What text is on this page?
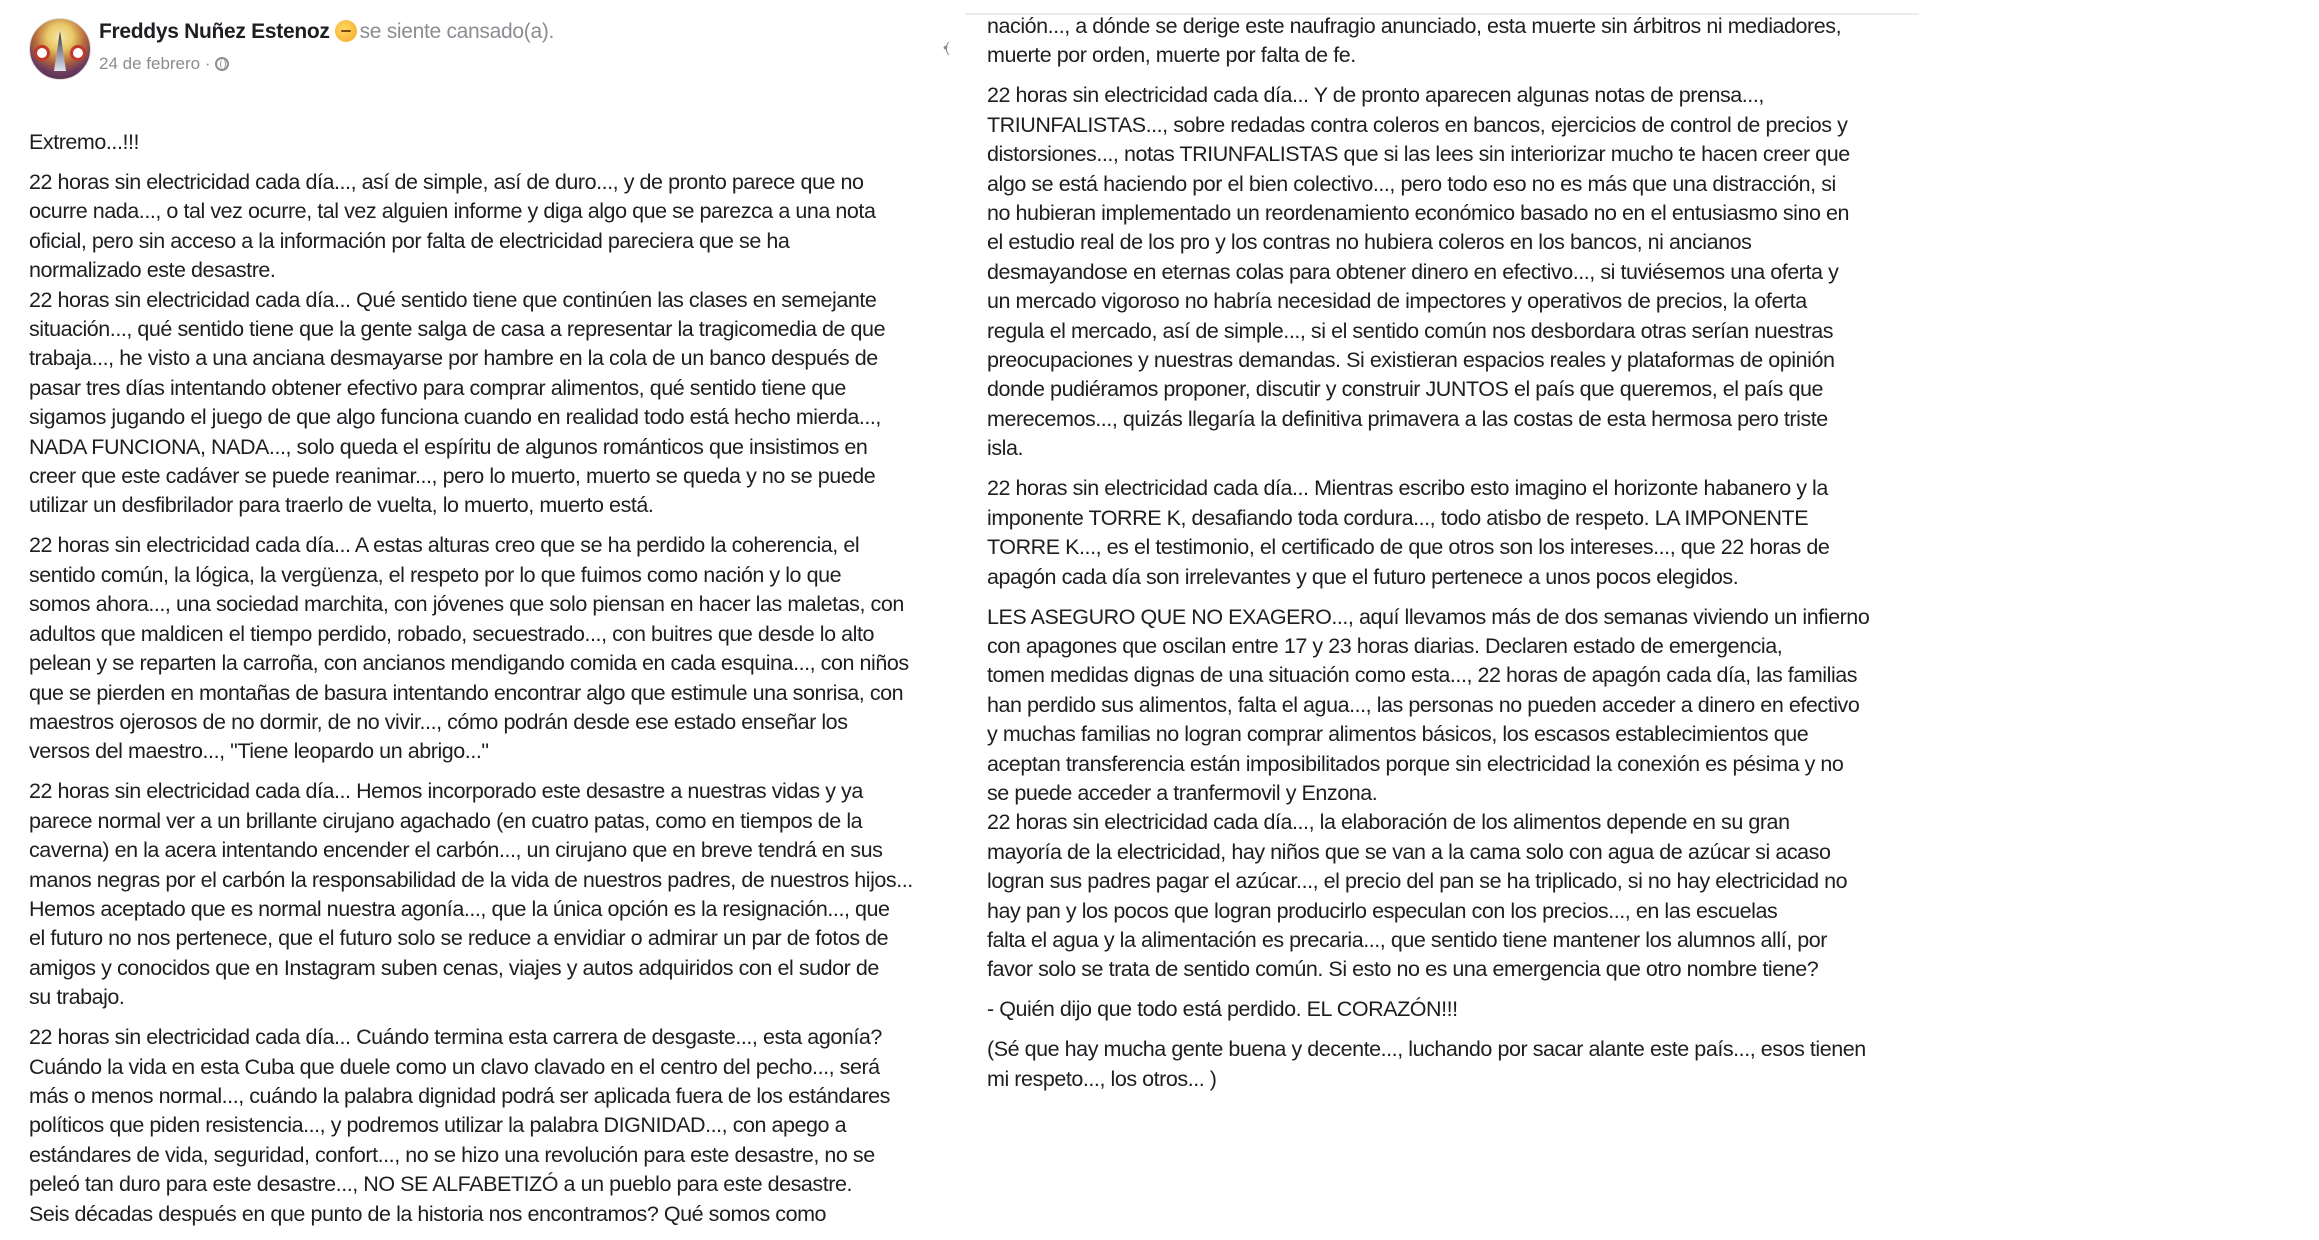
Freddys Nuñez Estenoz se siente cansado(a).
24 de febrero ·
•(
Extremo...!!!
22 horas sin electricidad cada día..., así de simple, así de duro..., y de pronto parece que no
ocurre nada..., o tal vez ocurre, tal vez alguien informe y diga algo que se parezca a una nota
oficial, pero sin acceso a la información por falta de electricidad pareciera que se ha
normalizado este desastre.
22 horas sin electricidad cada día... Qué sentido tiene que continúen las clases en semejante
situación..., qué sentido tiene que la gente salga de casa a representar la tragicomedia de que
trabaja..., he visto a una anciana desmayarse por hambre en la cola de un banco después de
pasar tres días intentando obtener efectivo para comprar alimentos, qué sentido tiene que
sigamos jugando el juego de que algo funciona cuando en realidad todo está hecho mierda...,
NADA FUNCIONA, NADA..., solo queda el espíritu de algunos románticos que insistimos en
creer que este cadáver se puede reanimar..., pero lo muerto, muerto se queda y no se puede
utilizar un desfibrilador para traerlo de vuelta, lo muerto, muerto está.
22 horas sin electricidad cada día... A estas alturas creo que se ha perdido la coherencia, el
sentido común, la lógica, la vergüenza, el respeto por lo que fuimos como nación y lo que
somos ahora..., una sociedad marchita, con jóvenes que solo piensan en hacer las maletas, con
adultos que maldicen el tiempo perdido, robado, secuestrado..., con buitres que desde lo alto
pelean y se reparten la carroña, con ancianos mendigando comida en cada esquina..., con niños
que se pierden en montañas de basura intentando encontrar algo que estimule una sonrisa, con
maestros ojerosos de no dormir, de no vivir..., cómo podrán desde ese estado enseñar los
versos del maestro..., "Tiene leopardo un abrigo..."
22 horas sin electricidad cada día... Hemos incorporado este desastre a nuestras vidas y ya
parece normal ver a un brillante cirujano agachado (en cuatro patas, como en tiempos de la
caverna) en la acera intentando encender el carbón..., un cirujano que en breve tendrá en sus
manos negras por el carbón la responsabilidad de la vida de nuestros padres, de nuestros hijos...
Hemos aceptado que es normal nuestra agonía..., que la única opción es la resignación..., que
el futuro no nos pertenece, que el futuro solo se reduce a envidiar o admirar un par de fotos de
amigos y conocidos que en Instagram suben cenas, viajes y autos adquiridos con el sudor de
su trabajo.
22 horas sin electricidad cada día... Cuándo termina esta carrera de desgaste..., esta agonía?
Cuándo la vida en esta Cuba que duele como un clavo clavado en el centro del pecho..., será
más o menos normal..., cuándo la palabra dignidad podrá ser aplicada fuera de los estándares
políticos que piden resistencia..., y podremos utilizar la palabra DIGNIDAD..., con apego a
estándares de vida, seguridad, confort..., no se hizo una revolución para este desastre, no se
peleó tan duro para este desastre..., NO SE ALFABETIZÓ a un pueblo para este desastre.
Seis décadas después en que punto de la historia nos encontramos? Qué somos como
nación..., a dónde se derige este naufragio anunciado, esta muerte sin árbitros ni mediadores,
muerte por orden, muerte por falta de fe.
22 horas sin electricidad cada día... Y de pronto aparecen algunas notas de prensa...,
TRIUNFALISTAS..., sobre redadas contra coleros en bancos, ejercicios de control de precios y
distorsiones..., notas TRIUNFALISTAS que si las lees sin interiorizar mucho te hacen creer que
algo se está haciendo por el bien colectivo..., pero todo eso no es más que una distracción, si
no hubieran implementado un reordenamiento económico basado no en el entusiasmo sino en
el estudio real de los pro y los contras no hubiera coleros en los bancos, ni ancianos
desmayandose en eternas colas para obtener dinero en efectivo..., si tuviésemos una oferta y
un mercado vigoroso no habría necesidad de impectores y operativos de precios, la oferta
regula el mercado, así de simple..., si el sentido común nos desbordara otras serían nuestras
preocupaciones y nuestras demandas. Si existieran espacios reales y plataformas de opinión
donde pudiéramos proponer, discutir y construir JUNTOS el país que queremos, el país que
merecemos..., quizás llegaría la definitiva primavera a las costas de esta hermosa pero triste
isla.
22 horas sin electricidad cada día... Mientras escribo esto imagino el horizonte habanero y la
imponente TORRE K, desafiando toda cordura..., todo atisbo de respeto. LA IMPONENTE
TORRE K..., es el testimonio, el certificado de que otros son los intereses..., que 22 horas de
apagón cada día son irrelevantes y que el futuro pertenece a unos pocos elegidos.
LES ASEGURO QUE NO EXAGERO..., aquí llevamos más de dos semanas viviendo un infierno
con apagones que oscilan entre 17 y 23 horas diarias. Declaren estado de emergencia,
tomen medidas dignas de una situación como esta..., 22 horas de apagón cada día, las familias
han perdido sus alimentos, falta el agua..., las personas no pueden acceder a dinero en efectivo
y muchas familias no logran comprar alimentos básicos, los escasos establecimientos que
aceptan transferencia están imposibilitados porque sin electricidad la conexión es pésima y no
se puede acceder a tranfermovil y Enzona.
22 horas sin electricidad cada día..., la elaboración de los alimentos depende en su gran
mayoría de la electricidad, hay niños que se van a la cama solo con agua de azúcar si acaso
logran sus padres pagar el azúcar..., el precio del pan se ha triplicado, si no hay electricidad no
hay pan y los pocos que logran producirlo especulan con los precios..., en las escuelas
falta el agua y la alimentación es precaria..., que sentido tiene mantener los alumnos allí, por
favor solo se trata de sentido común. Si esto no es una emergencia que otro nombre tiene?
- Quién dijo que todo está perdido. EL CORAZÓN!!!
(Sé que hay mucha gente buena y decente..., luchando por sacar alante este país..., esos tienen
mi respeto..., los otros... )
